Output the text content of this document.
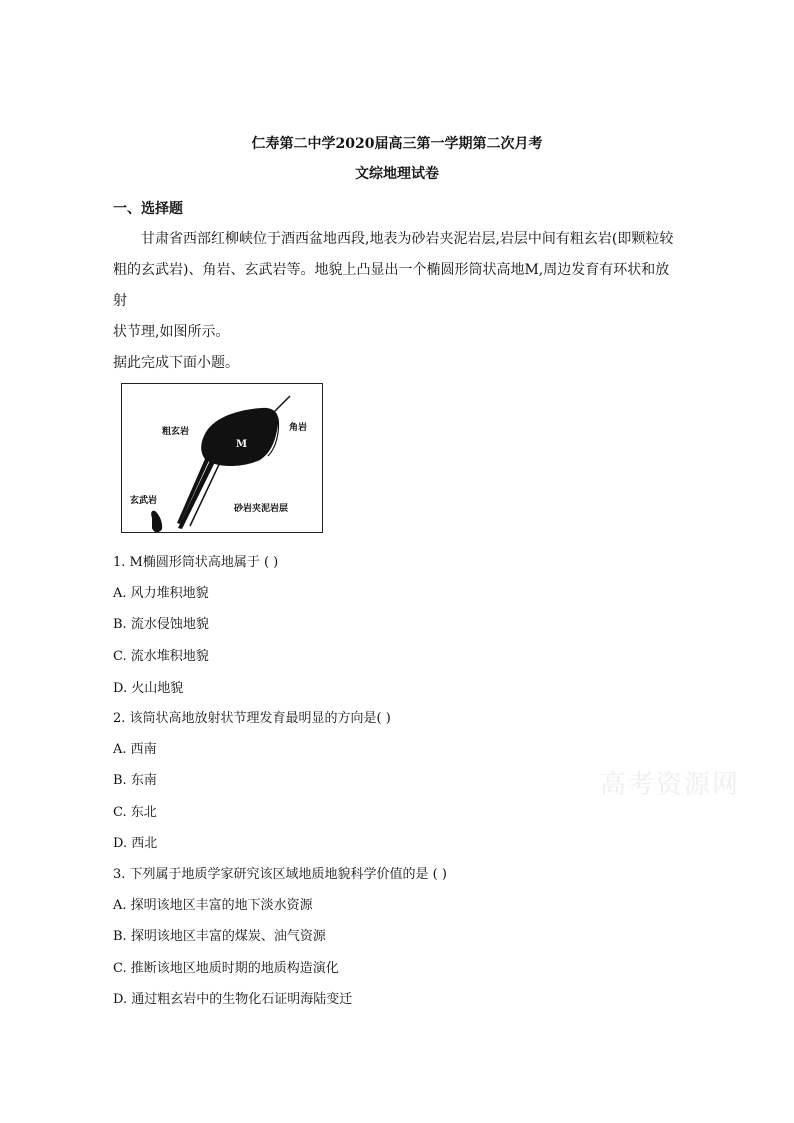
仁寿第二中学2020届高三第一学期第二次月考
文综地理试卷
一、选择题
甘肃省西部红柳峡位于酒西盆地西段,地表为砂岩夹泥岩层,岩层中间有粗玄岩(即颗粒较
粗的玄武岩)、角岩、玄武岩等。地貌上凸显出一个椭圆形筒状高地M,周边发育有环状和放射
状节理,如图所示。
据此完成下面小题。
粗玄岩	角岩
M
玄武岩
砂岩夹泥岩层
1. M椭圆形筒状高地属于 ( )
A. 风力堆积地貌
B. 流水侵蚀地貌
C. 流水堆积地貌
D. 火山地貌
2. 该筒状高地放射状节理发育最明显的方向是( )
A. 西南
B. 东南
C. 东北
D. 西北
3. 下列属于地质学家研究该区域地质地貌科学价值的是 ( )
A. 探明该地区丰富的地下淡水资源
B. 探明该地区丰富的煤炭、油气资源
C. 推断该地区地质时期的地质构造演化
D. 通过粗玄岩中的生物化石证明海陆变迁
高考资源网
